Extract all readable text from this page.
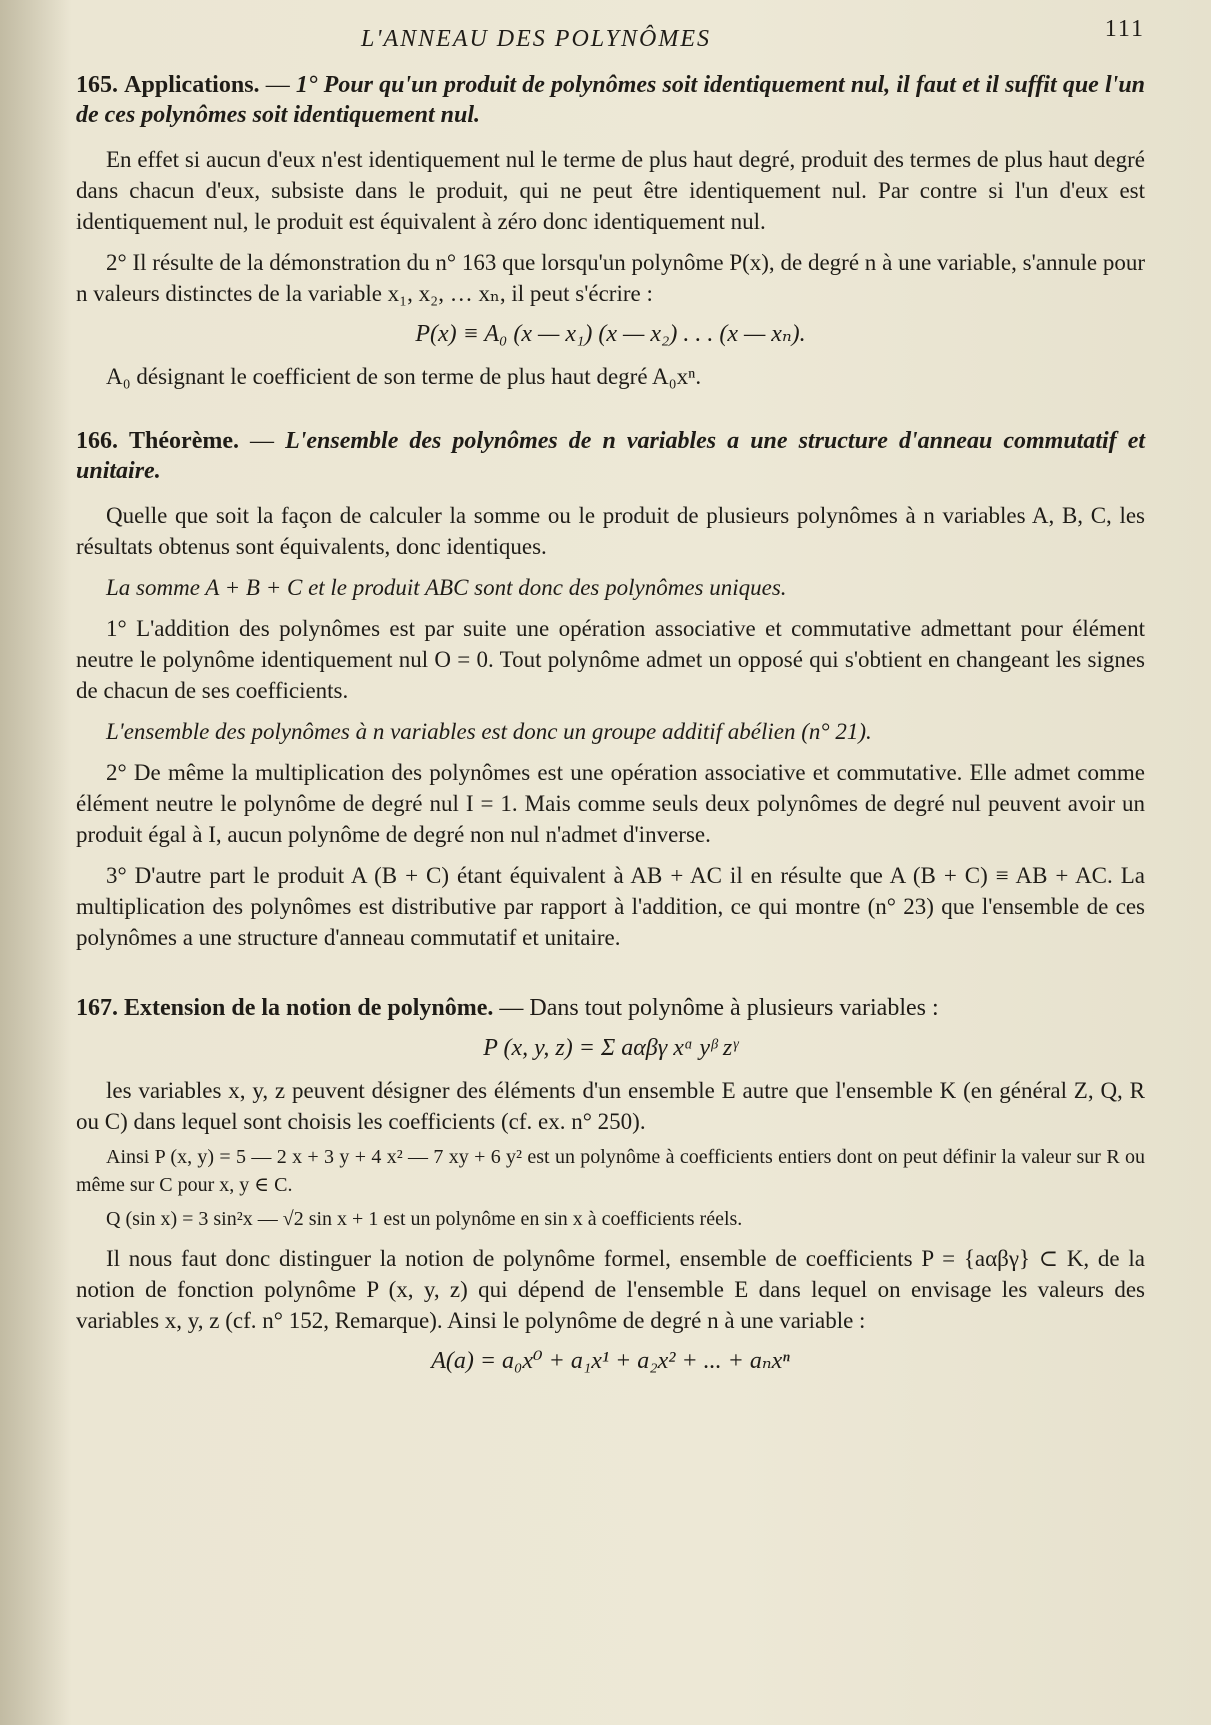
L'ANNEAU DES POLYNÔMES	111

165. Applications. — 1° Pour qu'un produit de polynômes soit identiquement nul, il faut et il suffit que l'un de ces polynômes soit identiquement nul.

En effet si aucun d'eux n'est identiquement nul le terme de plus haut degré, produit des termes de plus haut degré dans chacun d'eux, subsiste dans le produit, qui ne peut être identiquement nul. Par contre si l'un d'eux est identiquement nul, le produit est équivalent à zéro donc identiquement nul.

2° Il résulte de la démonstration du n° 163 que lorsqu'un polynôme P(x), de degré n à une variable, s'annule pour n valeurs distinctes de la variable x₁, x₂, … xₙ, il peut s'écrire :

P(x) ≡ A₀ (x — x₁) (x — x₂) . . . (x — xₙ).

A₀ désignant le coefficient de son terme de plus haut degré A₀xⁿ.

166. Théorème. — L'ensemble des polynômes de n variables a une structure d'anneau commutatif et unitaire.

Quelle que soit la façon de calculer la somme ou le produit de plusieurs polynômes à n variables A, B, C, les résultats obtenus sont équivalents, donc identiques.

La somme A + B + C et le produit ABC sont donc des polynômes uniques.

1° L'addition des polynômes est par suite une opération associative et commutative admettant pour élément neutre le polynôme identiquement nul O = 0. Tout polynôme admet un opposé qui s'obtient en changeant les signes de chacun de ses coefficients.

L'ensemble des polynômes à n variables est donc un groupe additif abélien (n° 21).

2° De même la multiplication des polynômes est une opération associative et commutative. Elle admet comme élément neutre le polynôme de degré nul I = 1. Mais comme seuls deux polynômes de degré nul peuvent avoir un produit égal à I, aucun polynôme de degré non nul n'admet d'inverse.

3° D'autre part le produit A (B + C) étant équivalent à AB + AC il en résulte que A (B + C) ≡ AB + AC. La multiplication des polynômes est distributive par rapport à l'addition, ce qui montre (n° 23) que l'ensemble de ces polynômes a une structure d'anneau commutatif et unitaire.

167. Extension de la notion de polynôme. — Dans tout polynôme à plusieurs variables :

P (x, y, z) = Σ aαβγ xᵅ yᵝ zᵞ

les variables x, y, z peuvent désigner des éléments d'un ensemble E autre que l'ensemble K (en général Z, Q, R ou C) dans lequel sont choisis les coefficients (cf. ex. n° 250).

Ainsi P (x, y) = 5 — 2 x + 3 y + 4 x² — 7 xy + 6 y² est un polynôme à coefficients entiers dont on peut définir la valeur sur R ou même sur C pour x, y ∈ C.

Q (sin x) = 3 sin²x — √2 sin x + 1 est un polynôme en sin x à coefficients réels.

Il nous faut donc distinguer la notion de polynôme formel, ensemble de coefficients P = {aαβγ} ⊂ K, de la notion de fonction polynôme P (x, y, z) qui dépend de l'ensemble E dans lequel on envisage les valeurs des variables x, y, z (cf. n° 152, Remarque). Ainsi le polynôme de degré n à une variable :

A(a) = a₀x⁰ + a₁x¹ + a₂x² + ... + aₙxⁿ
